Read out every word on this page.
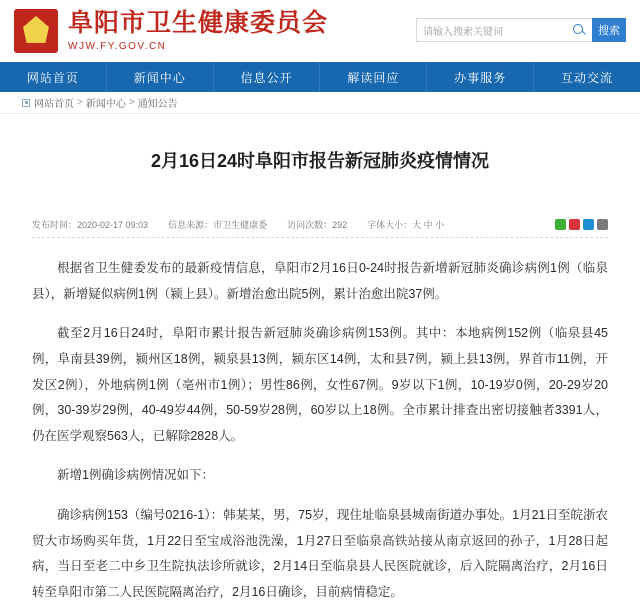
阜阳市卫生健康委员会
WJW.FY.GOV.CN
请输入搜索关键词	搜索
网站首页	新闻中心	信息公开	解读回应	办事服务	互动交流
网站首页 > 新闻中心 > 通知公告
2月16日24时阜阳市报告新冠肺炎疫情情况
发布时间：2020-02-17 09:03 信息来源：市卫生健康委 访问次数：292 字体大小： 大 中 小

根据省卫生健委发布的最新疫情信息，阜阳市2月16日0-24时报告新增新冠肺炎确诊病例1例（临泉县），新增疑似病例1例（颍上县）。新增治愈出院5例，累计治愈出院37例。

截至2月16日24时，阜阳市累计报告新冠肺炎确诊病例153例。其中：本地病例152例（临泉县45例，阜南县39例，颍州区18例，颍泉县13例，颍东区14例，太和县7例，颍上县13例，界首市11例，开发区2例），外地病例1例（亳州市1例）；男性86例，女性67例。9岁以下1例，10-19岁0例，20-29岁20例，30-39岁29例，40-49岁44例，50-59岁28例，60岁以上18例。全市累计排查出密切接触者3391人，仍在医学观察563人，已解除2828人。

新增1例确诊病例情况如下：

确诊病例153（编号0216-1）：韩某某，男，75岁，现住址临泉县城南街道办事处。1月21日至皖浙农贸大市场购买年货，1月22日至宝成浴池洗澡，1月27日至临泉高铁站接从南京返回的孙子，1月28日起病，当日至老二中乡卫生院执法诊所就诊，2月14日至临泉县人民医院就诊，后入院隔离治疗，2月16日转至阜阳市第二人民医院隔离治疗，2月16日确诊，目前病情稳定。
